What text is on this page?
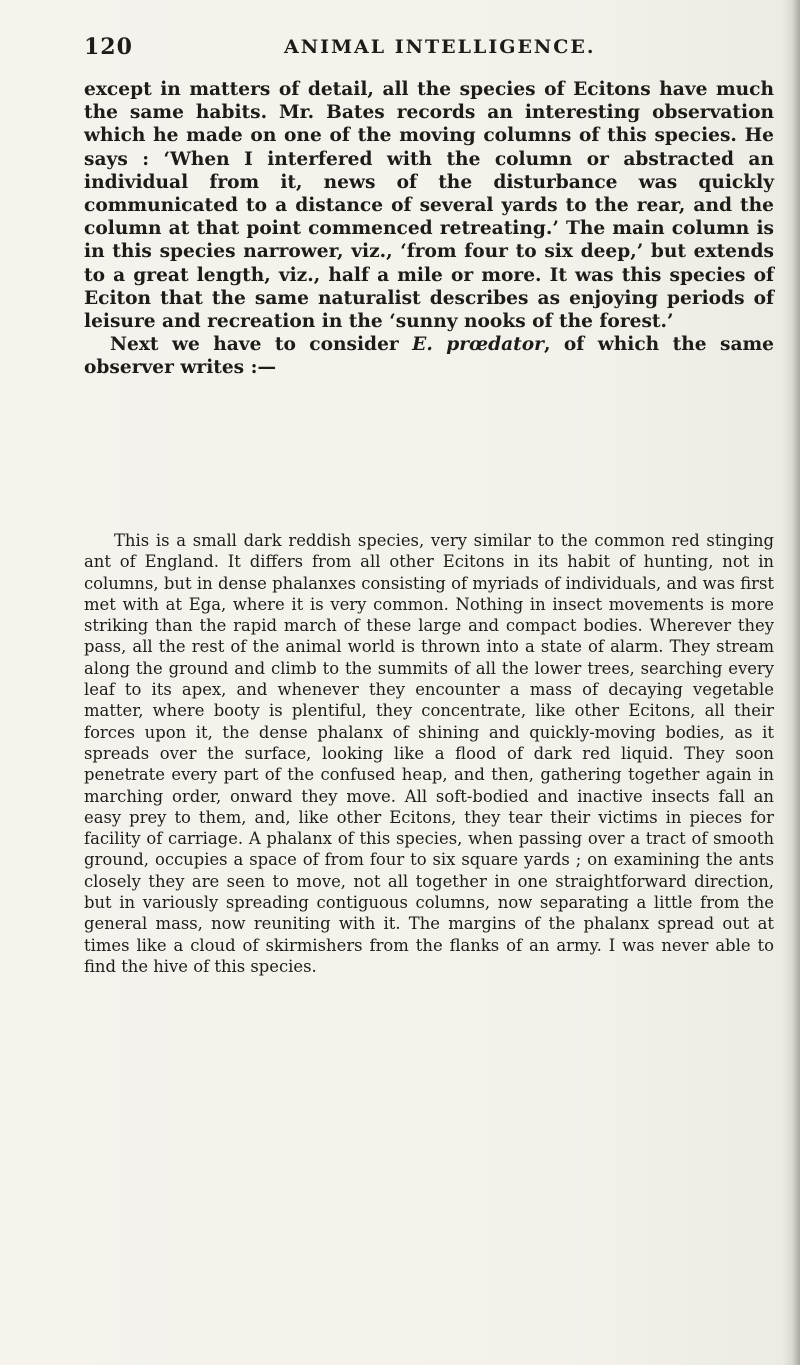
120	ANIMAL INTELLIGENCE.

except in matters of detail, all the species of Ecitons have much the same habits. Mr. Bates records an interesting observation which he made on one of the moving columns of this species. He says : ‘When I interfered with the column or abstracted an individual from it, news of the disturbance was quickly communicated to a distance of several yards to the rear, and the column at that point commenced retreating.’ The main column is in this species narrower, viz., ‘from four to six deep,’ but extends to a great length, viz., half a mile or more. It was this species of Eciton that the same naturalist describes as enjoying periods of leisure and recreation in the ‘sunny nooks of the forest.’

Next we have to consider E. prœdator, of which the same observer writes :—

This is a small dark reddish species, very similar to the common red stinging ant of England. It differs from all other Ecitons in its habit of hunting, not in columns, but in dense phalanxes consisting of myriads of individuals, and was first met with at Ega, where it is very common. Nothing in insect movements is more striking than the rapid march of these large and compact bodies. Wherever they pass, all the rest of the animal world is thrown into a state of alarm. They stream along the ground and climb to the summits of all the lower trees, searching every leaf to its apex, and whenever they encounter a mass of decaying vegetable matter, where booty is plentiful, they concentrate, like other Ecitons, all their forces upon it, the dense phalanx of shining and quickly-moving bodies, as it spreads over the surface, looking like a flood of dark red liquid. They soon penetrate every part of the confused heap, and then, gathering together again in marching order, onward they move. All soft-bodied and inactive insects fall an easy prey to them, and, like other Ecitons, they tear their victims in pieces for facility of carriage. A phalanx of this species, when passing over a tract of smooth ground, occupies a space of from four to six square yards ; on examining the ants closely they are seen to move, not all together in one straightforward direction, but in variously spreading contiguous columns, now separating a little from the general mass, now reuniting with it. The margins of the phalanx spread out at times like a cloud of skirmishers from the flanks of an army. I was never able to find the hive of this species.
